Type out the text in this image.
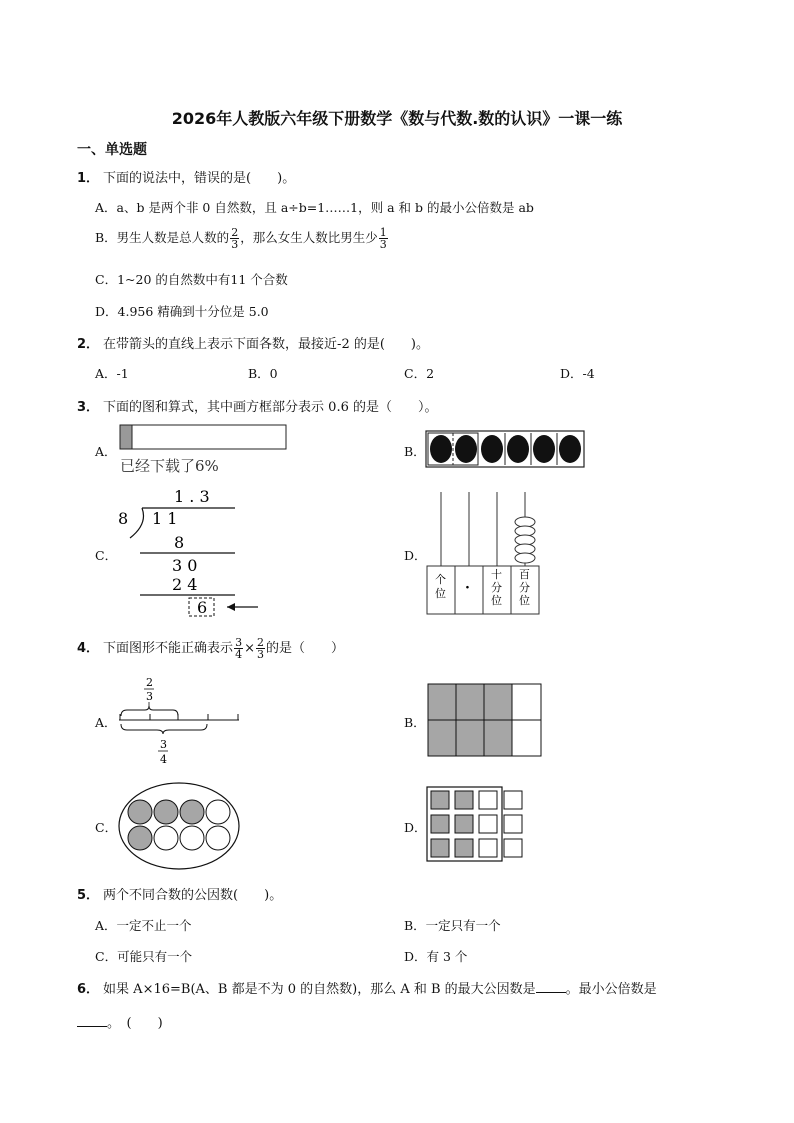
2026年人教版六年级下册数学《数与代数.数的认识》一课一练
一、单选题
1． 下面的说法中，错误的是(　　)。
A．a、b 是两个非 0 自然数，且 a÷b=1……1，则 a 和 b 的最小公倍数是 ab
B．男生人数是总人数的 $\frac{2}{3}$ ，那么女生人数比男生少 $\frac{1}{3}$
C．1~20 的自然数中有11 个合数
D．4.956 精确到十分位是 5.0
2． 在带箭头的直线上表示下面各数，最接近-2 的是(　　)。
A．-1	B．0	C．2	D．-4
3． 下面的图和算式，其中画方框部分表示 0.6 的是（　　）。
A．
已经下载了6%
B．
C．
1 . 3
8 1 1
8
3 0
2 4
6
D．
个
位 ·
十
分
位
百
分
位
4． 下面图形不能正确表示 $\frac{3}{4} \times \frac{2}{3}$ 的是（　　）
A．
2
3
3
4
B．
C．	D．
5． 两个不同合数的公因数(　　)。
A．一定不止一个	B．一定只有一个
C．可能只有一个	D．有 3 个
6． 如果 A×16=B(A、B 都是不为 0 的自然数)，那么 A 和 B 的最大公因数是 。最小公倍数是
。　(　　)
